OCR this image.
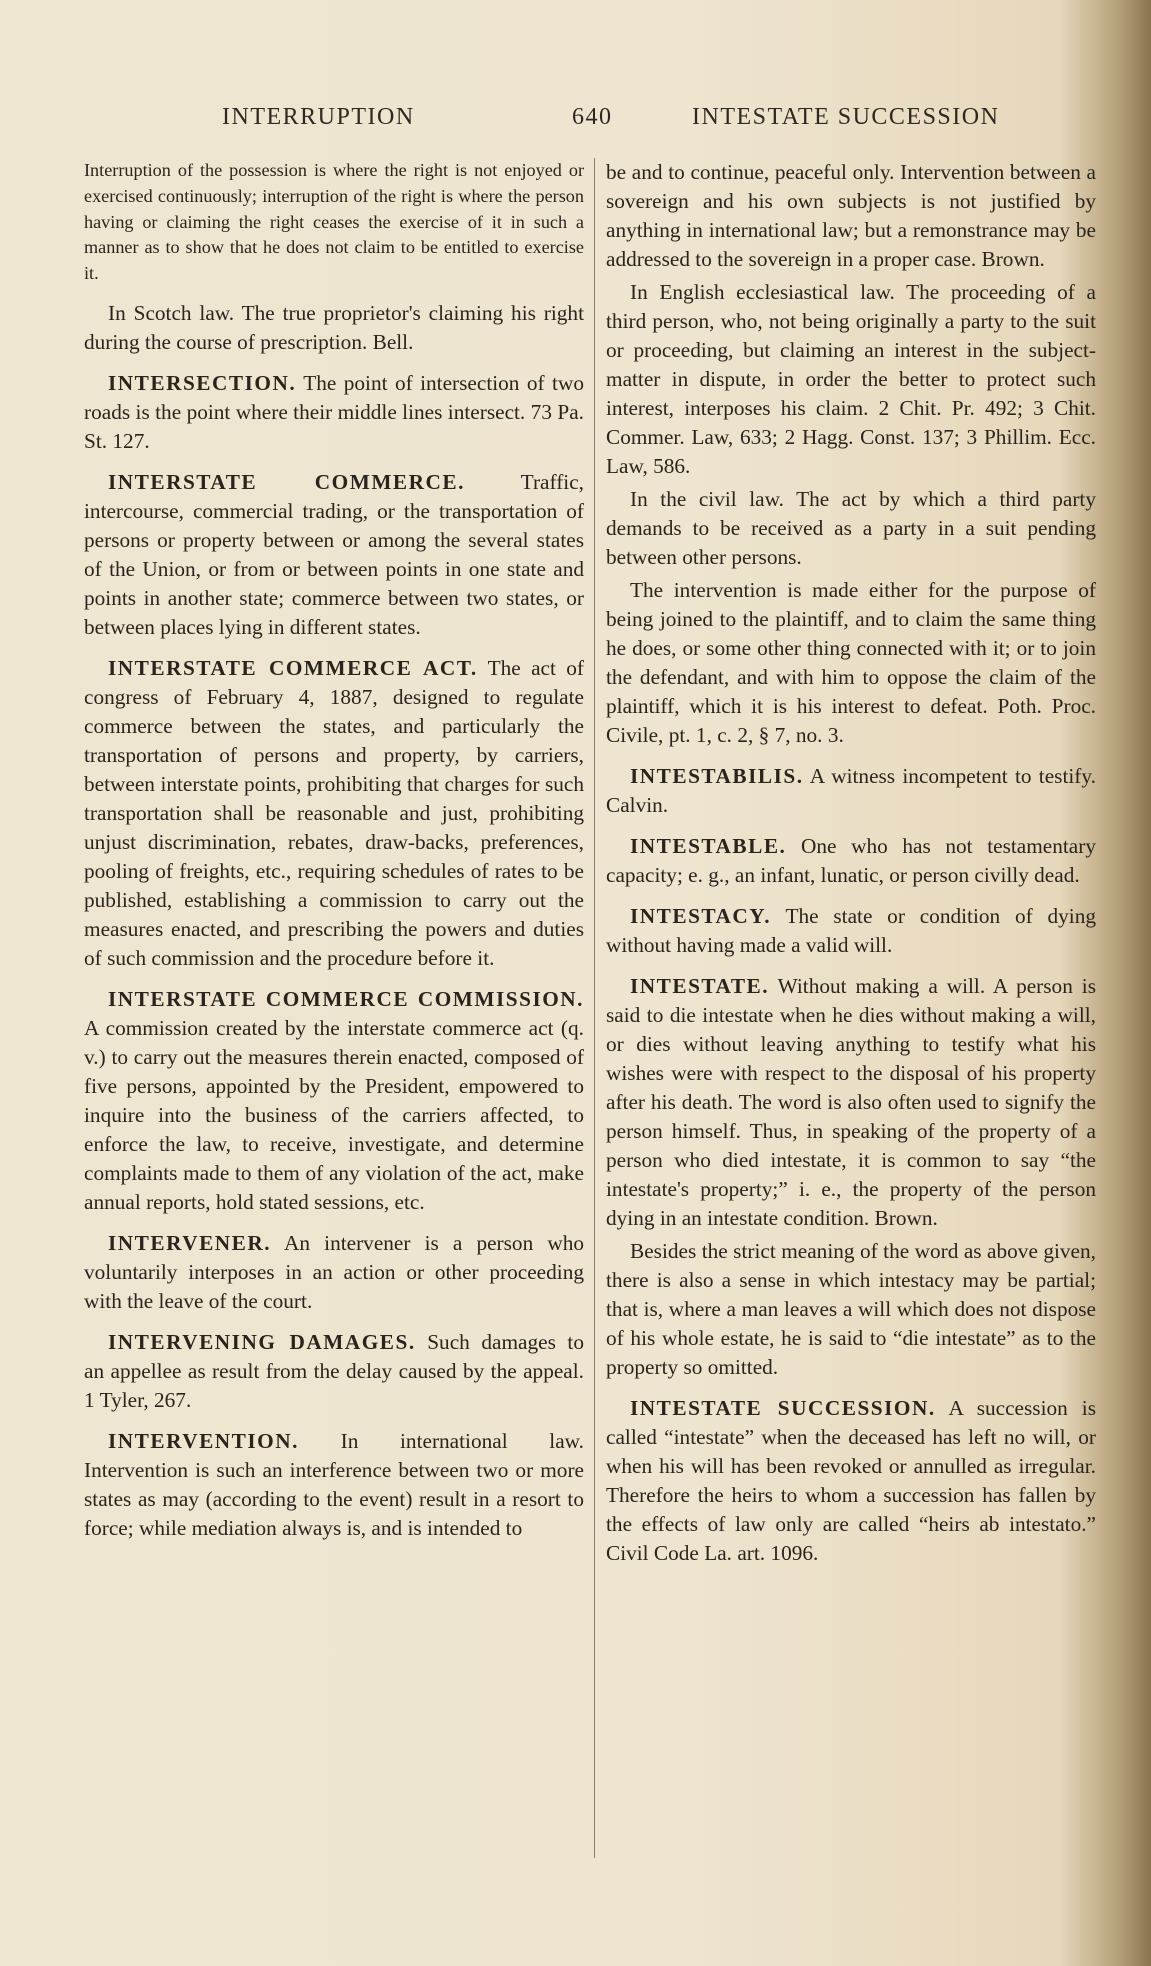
INTERRUPTION	640	INTESTATE SUCCESSION

Interruption of the possession is where the right is not enjoyed or exercised continuously; interruption of the right is where the person having or claiming the right ceases the exercise of it in such a manner as to show that he does not claim to be entitled to exercise it.

In Scotch law. The true proprietor's claiming his right during the course of prescription. Bell.

INTERSECTION. The point of intersection of two roads is the point where their middle lines intersect. 73 Pa. St. 127.

INTERSTATE COMMERCE. Traffic, intercourse, commercial trading, or the transportation of persons or property between or among the several states of the Union, or from or between points in one state and points in another state; commerce between two states, or between places lying in different states.

INTERSTATE COMMERCE ACT. The act of congress of February 4, 1887, designed to regulate commerce between the states, and particularly the transportation of persons and property, by carriers, between interstate points, prohibiting that charges for such transportation shall be reasonable and just, prohibiting unjust discrimination, rebates, draw-backs, preferences, pooling of freights, etc., requiring schedules of rates to be published, establishing a commission to carry out the measures enacted, and prescribing the powers and duties of such commission and the procedure before it.

INTERSTATE COMMERCE COMMISSION. A commission created by the interstate commerce act (q. v.) to carry out the measures therein enacted, composed of five persons, appointed by the President, empowered to inquire into the business of the carriers affected, to enforce the law, to receive, investigate, and determine complaints made to them of any violation of the act, make annual reports, hold stated sessions, etc.

INTERVENER. An intervener is a person who voluntarily interposes in an action or other proceeding with the leave of the court.

INTERVENING DAMAGES. Such damages to an appellee as result from the delay caused by the appeal. 1 Tyler, 267.

INTERVENTION. In international law. Intervention is such an interference between two or more states as may (according to the event) result in a resort to force; while mediation always is, and is intended to

be and to continue, peaceful only. Intervention between a sovereign and his own subjects is not justified by anything in international law; but a remonstrance may be addressed to the sovereign in a proper case. Brown.

In English ecclesiastical law. The proceeding of a third person, who, not being originally a party to the suit or proceeding, but claiming an interest in the subject-matter in dispute, in order the better to protect such interest, interposes his claim. 2 Chit. Pr. 492; 3 Chit. Commer. Law, 633; 2 Hagg. Const. 137; 3 Phillim. Ecc. Law, 586.

In the civil law. The act by which a third party demands to be received as a party in a suit pending between other persons.

The intervention is made either for the purpose of being joined to the plaintiff, and to claim the same thing he does, or some other thing connected with it; or to join the defendant, and with him to oppose the claim of the plaintiff, which it is his interest to defeat. Poth. Proc. Civile, pt. 1, c. 2, § 7, no. 3.

INTESTABILIS. A witness incompetent to testify. Calvin.

INTESTABLE. One who has not testamentary capacity; e. g., an infant, lunatic, or person civilly dead.

INTESTACY. The state or condition of dying without having made a valid will.

INTESTATE. Without making a will. A person is said to die intestate when he dies without making a will, or dies without leaving anything to testify what his wishes were with respect to the disposal of his property after his death. The word is also often used to signify the person himself. Thus, in speaking of the property of a person who died intestate, it is common to say “the intestate's property;” i. e., the property of the person dying in an intestate condition. Brown.

Besides the strict meaning of the word as above given, there is also a sense in which intestacy may be partial; that is, where a man leaves a will which does not dispose of his whole estate, he is said to “die intestate” as to the property so omitted.

INTESTATE SUCCESSION. A succession is called “intestate” when the deceased has left no will, or when his will has been revoked or annulled as irregular. Therefore the heirs to whom a succession has fallen by the effects of law only are called “heirs ab intestato.” Civil Code La. art. 1096.
